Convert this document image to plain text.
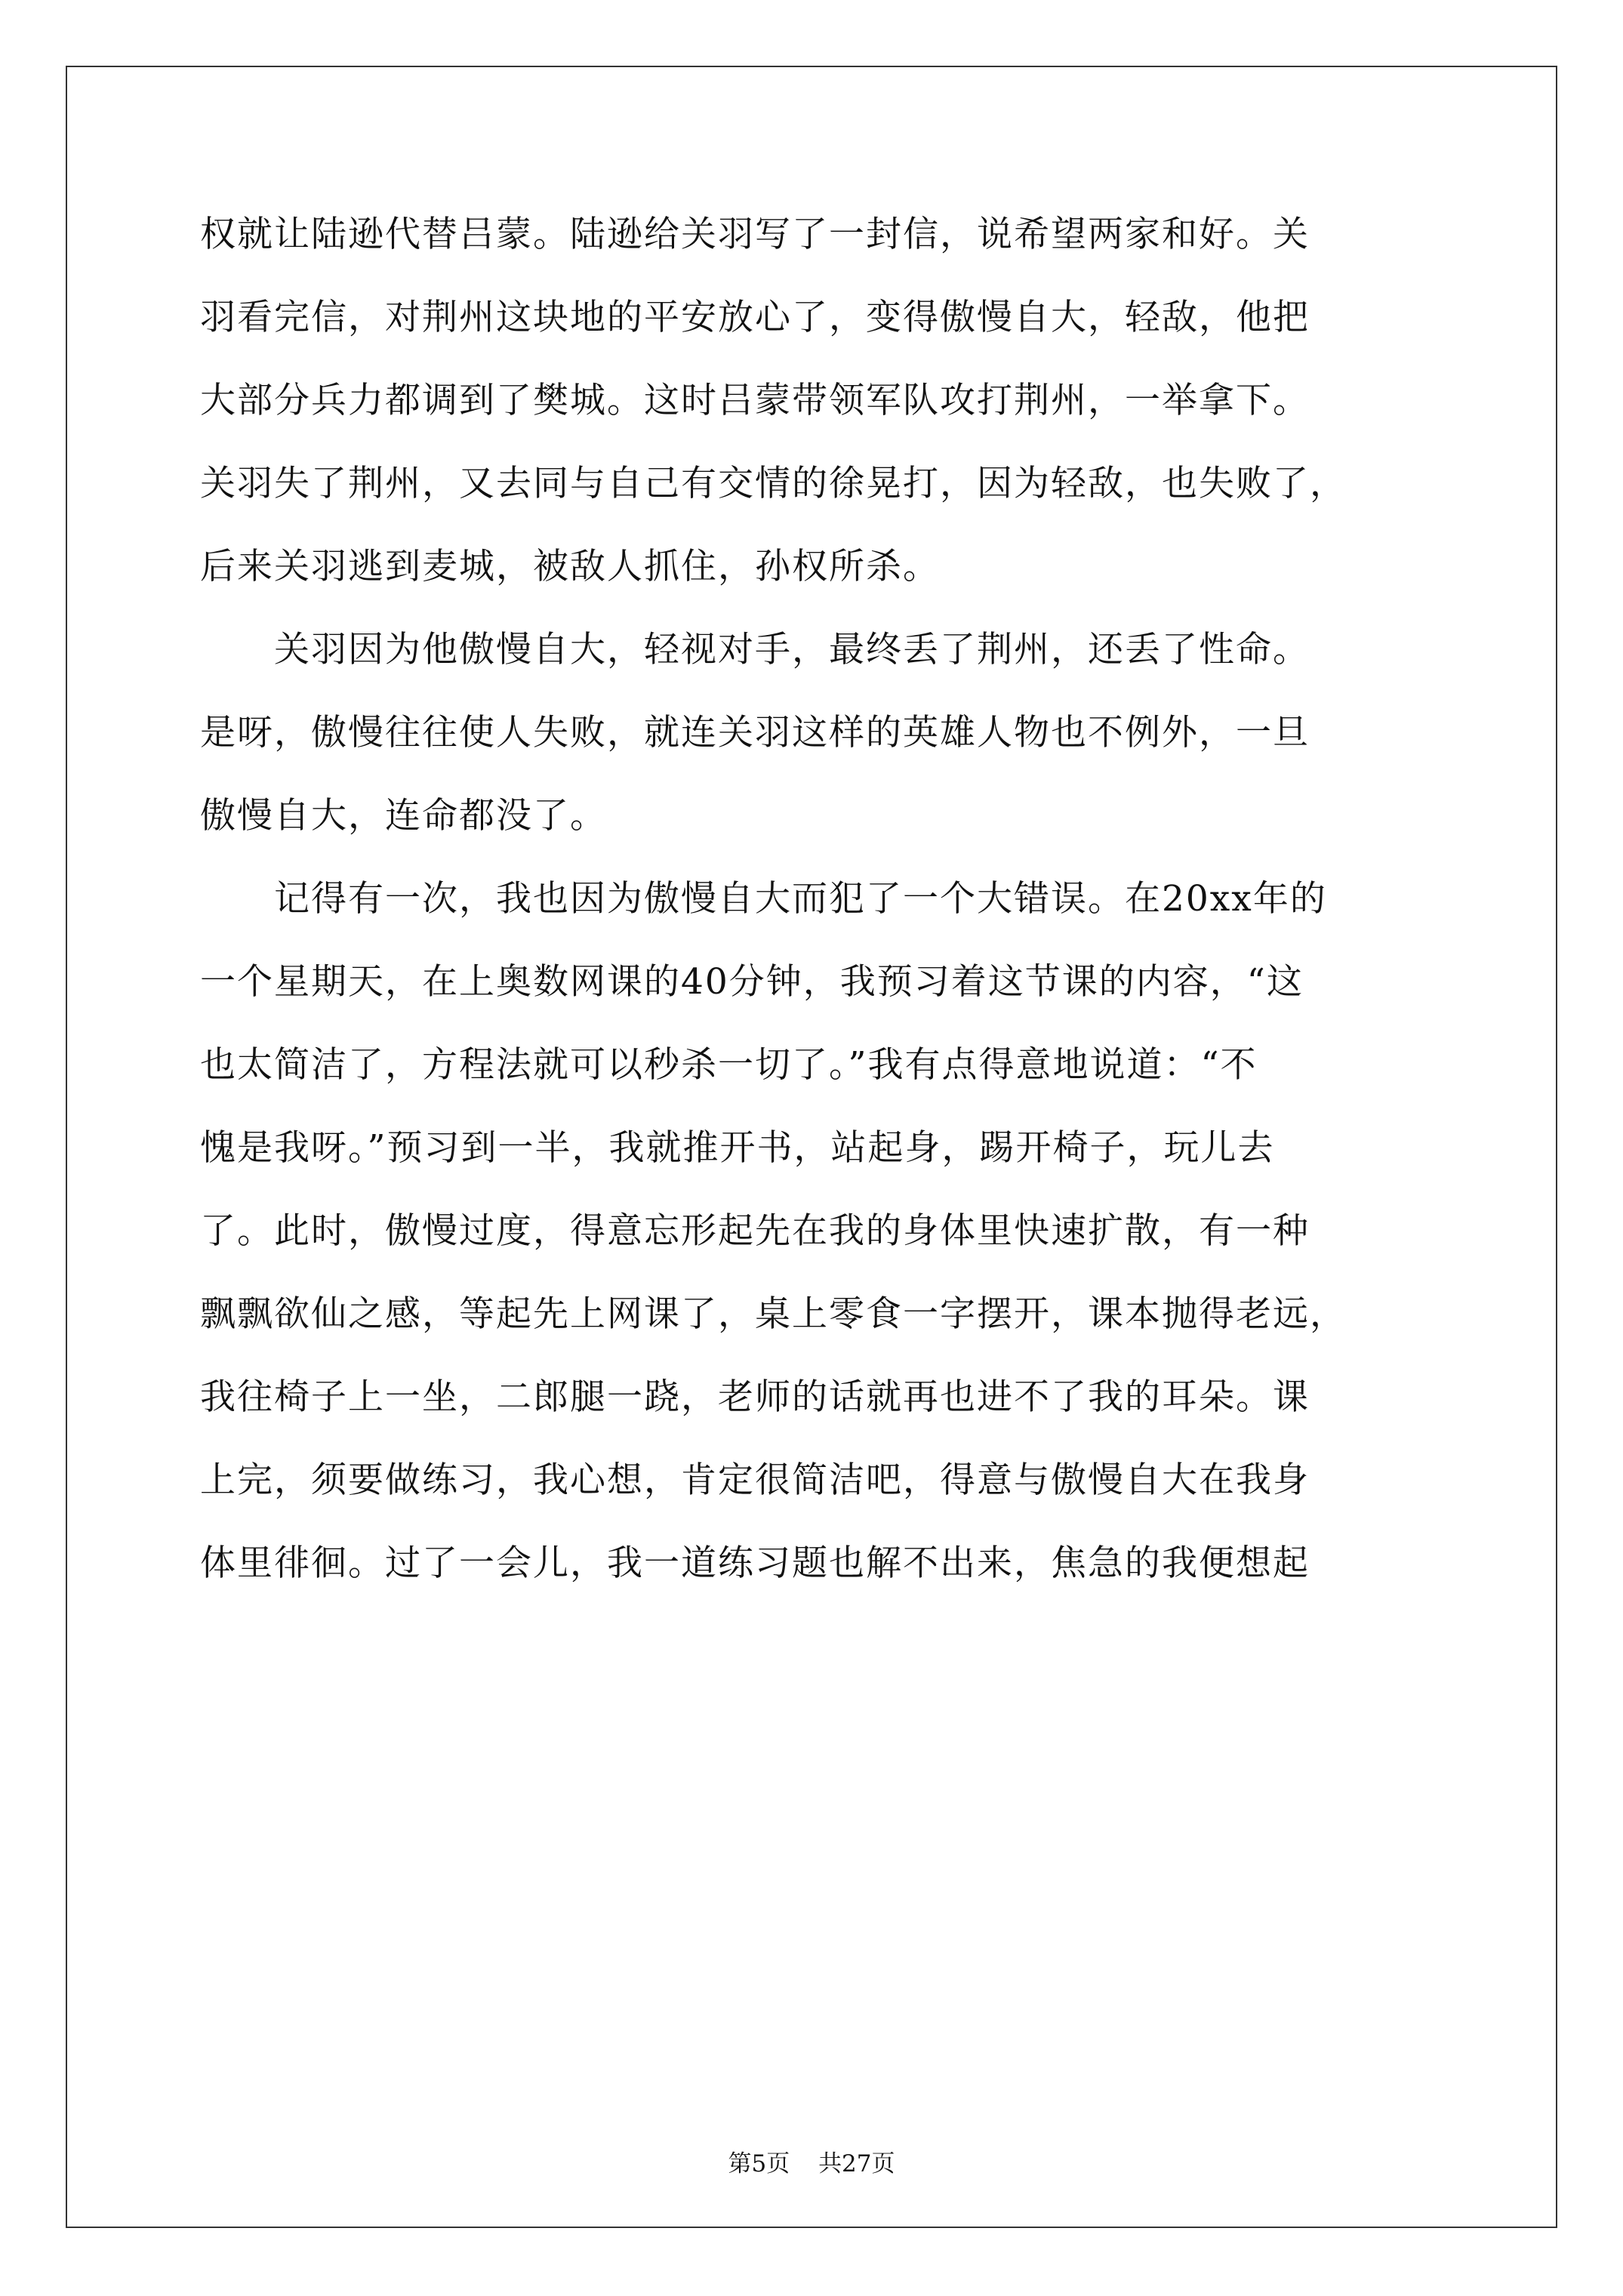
权就让陆逊代替吕蒙。陆逊给关羽写了一封信，说希望两家和好。关
羽看完信，对荆州这块地的平安放心了，变得傲慢自大，轻敌，他把
大部分兵力都调到了樊城。这时吕蒙带领军队攻打荆州，一举拿下。
关羽失了荆州，又去同与自己有交情的徐晃打，因为轻敌，也失败了，
后来关羽逃到麦城，被敌人抓住，孙权所杀。
　　关羽因为他傲慢自大，轻视对手，最终丢了荆州，还丢了性命。
是呀，傲慢往往使人失败，就连关羽这样的英雄人物也不例外，一旦
傲慢自大，连命都没了。
　　记得有一次，我也因为傲慢自大而犯了一个大错误。在20xx年的
一个星期天，在上奥数网课的40分钟，我预习着这节课的内容，“这
也太简洁了，方程法就可以秒杀一切了。”我有点得意地说道：“不
愧是我呀。”预习到一半，我就推开书，站起身，踢开椅子，玩儿去
了。此时，傲慢过度，得意忘形起先在我的身体里快速扩散，有一种
飘飘欲仙之感，等起先上网课了，桌上零食一字摆开，课本抛得老远，
我往椅子上一坐，二郎腿一跷，老师的话就再也进不了我的耳朵。课
上完，须要做练习，我心想，肯定很简洁吧，得意与傲慢自大在我身
体里徘徊。过了一会儿，我一道练习题也解不出来，焦急的我便想起
第5页 共27页
